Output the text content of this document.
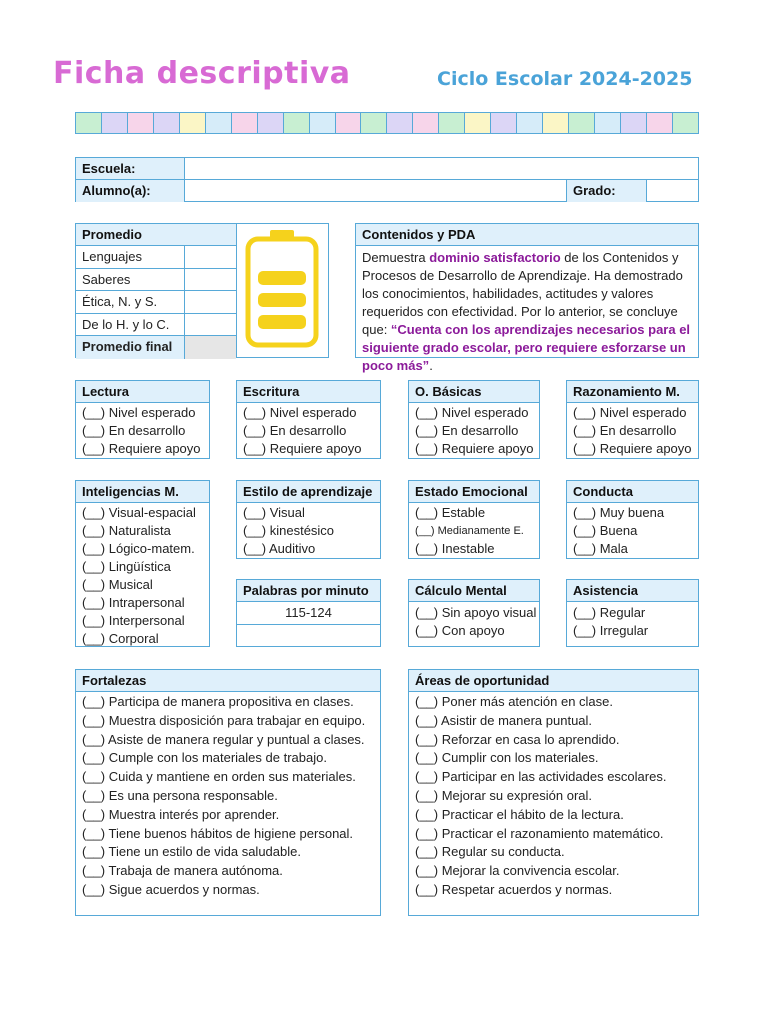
Ficha descriptiva	Ciclo Escolar 2024-2025
Escuela:
Alumno(a):	Grado:
Promedio
Lenguajes
Saberes
Ética, N. y S.
De lo H. y lo C.
Promedio final
Contenidos y PDA
Demuestra dominio satisfactorio de los Contenidos y Procesos de Desarrollo de Aprendizaje. Ha demostrado los conocimientos, habilidades, actitudes y valores requeridos con efectividad. Por lo anterior, se concluye que: “Cuenta con los aprendizajes necesarios para el siguiente grado escolar, pero requiere esforzarse un poco más”.
Lectura
(__) Nivel esperado
(__) En desarrollo
(__) Requiere apoyo
Escritura
(__) Nivel esperado
(__) En desarrollo
(__) Requiere apoyo
O. Básicas
(__) Nivel esperado
(__) En desarrollo
(__) Requiere apoyo
Razonamiento M.
(__) Nivel esperado
(__) En desarrollo
(__) Requiere apoyo
Inteligencias M.
(__) Visual-espacial
(__) Naturalista
(__) Lógico-matem.
(__) Lingüística
(__) Musical
(__) Intrapersonal
(__) Interpersonal
(__) Corporal
Estilo de aprendizaje
(__) Visual
(__) kinestésico
(__) Auditivo
Estado Emocional
(__) Estable
(__) Medianamente E.
(__) Inestable
Conducta
(__) Muy buena
(__) Buena
(__) Mala
Palabras por minuto
115-124
Cálculo Mental
(__) Sin apoyo visual
(__) Con apoyo
Asistencia
(__) Regular
(__) Irregular
Fortalezas
(__) Participa de manera propositiva en clases.
(__) Muestra disposición para trabajar en equipo.
(__) Asiste de manera regular y puntual a clases.
(__) Cumple con los materiales de trabajo.
(__) Cuida y mantiene en orden sus materiales.
(__) Es una persona responsable.
(__) Muestra interés por aprender.
(__) Tiene buenos hábitos de higiene personal.
(__) Tiene un estilo de vida saludable.
(__) Trabaja de manera autónoma.
(__) Sigue acuerdos y normas.
Áreas de oportunidad
(__) Poner más atención en clase.
(__) Asistir de manera puntual.
(__) Reforzar en casa lo aprendido.
(__) Cumplir con los materiales.
(__) Participar en las actividades escolares.
(__) Mejorar su expresión oral.
(__) Practicar el hábito de la lectura.
(__) Practicar el razonamiento matemático.
(__) Regular su conducta.
(__) Mejorar la convivencia escolar.
(__) Respetar acuerdos y normas.
